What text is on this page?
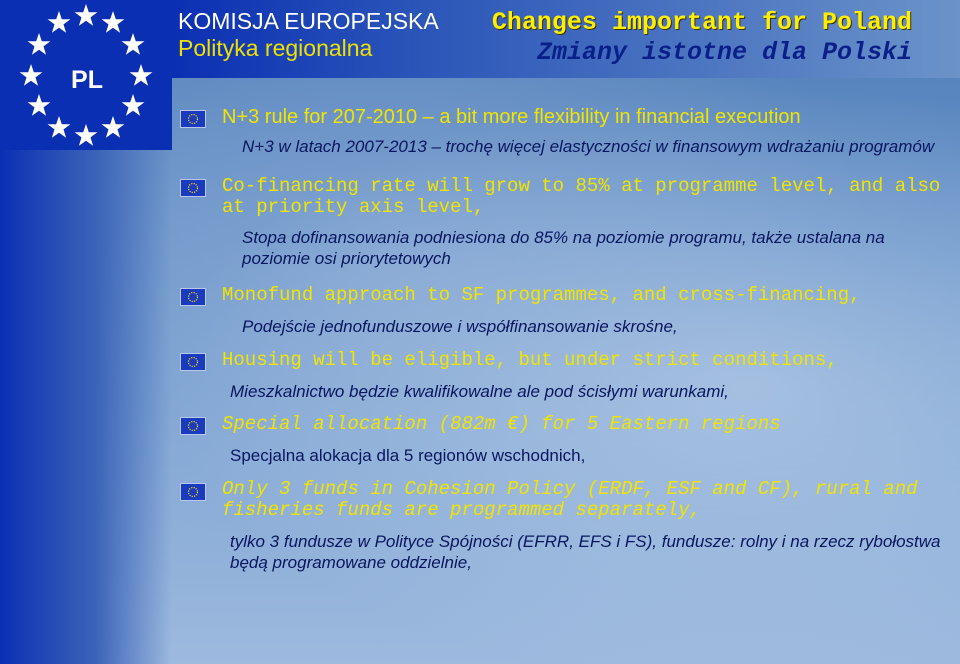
PL
KOMISJA EUROPEJSKA
Polityka regionalna
Changes important for Poland
Zmiany istotne dla Polski
N+3 rule for 207-2010 – a bit more flexibility in financial execution
N+3 w latach 2007-2013 – trochę więcej elastyczności w finansowym wdrażaniu programów
Co-financing rate will grow to 85% at programme level, and also at priority axis level,
Stopa dofinansowania podniesiona do 85% na poziomie programu, także ustalana na poziomie osi priorytetowych
Monofund approach to SF programmes, and cross-financing,
Podejście jednofunduszowe i współfinansowanie skrośne,
Housing will be eligible, but under strict conditions,
Mieszkalnictwo będzie kwalifikowalne ale pod ścisłymi warunkami,
Special allocation (882m €) for 5 Eastern regions
Specjalna alokacja dla 5 regionów wschodnich,
Only 3 funds in Cohesion Policy (ERDF, ESF and CF), rural and fisheries funds are programmed separately,
tylko 3 fundusze w Polityce Spójności (EFRR, EFS i FS), fundusze: rolny i na rzecz rybołostwa będą programowane oddzielnie,
